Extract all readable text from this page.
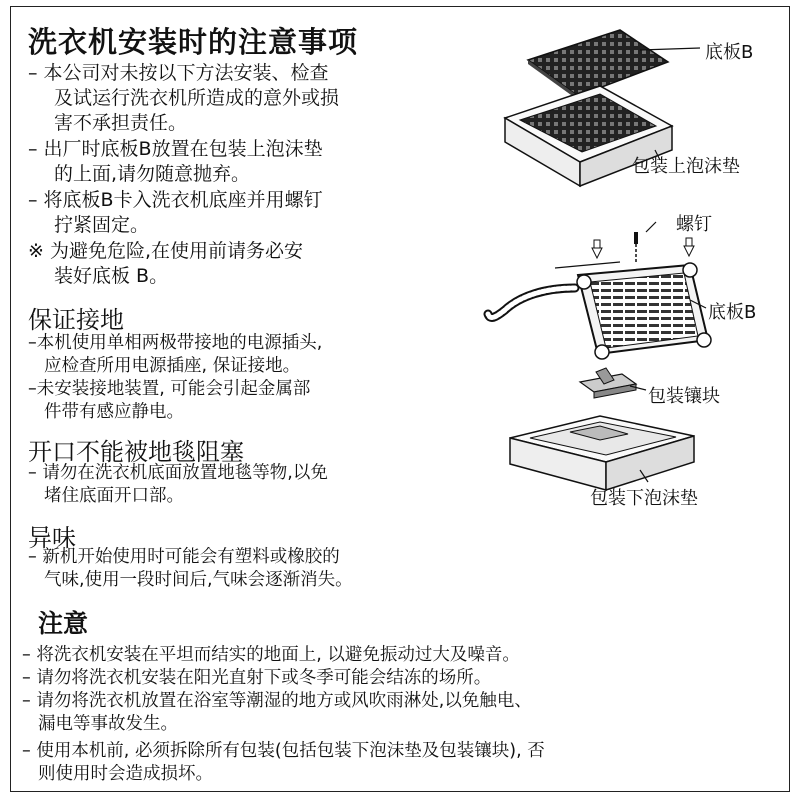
洗衣机安装时的注意事项
– 本公司对未按以下方法安装、检查
及试运行洗衣机所造成的意外或损
害不承担责任。
– 出厂时底板B放置在包装上泡沫垫
的上面,请勿随意抛弃。
– 将底板B卡入洗衣机底座并用螺钉
拧紧固定。
※ 为避免危险,在使用前请务必安
装好底板 B。
保证接地
–本机使用单相两极带接地的电源插头,
应检查所用电源插座, 保证接地。
–未安装接地装置, 可能会引起金属部
件带有感应静电。
开口不能被地毯阻塞
– 请勿在洗衣机底面放置地毯等物,以免
堵住底面开口部。
异味
– 新机开始使用时可能会有塑料或橡胶的
气味,使用一段时间后,气味会逐渐消失。
注意
– 将洗衣机安装在平坦而结实的地面上, 以避免振动过大及噪音。
– 请勿将洗衣机安装在阳光直射下或冬季可能会结冻的场所。
– 请勿将洗衣机放置在浴室等潮湿的地方或风吹雨淋处,以免触电、
漏电等事故发生。
– 使用本机前, 必须拆除所有包装(包括包装下泡沫垫及包装镶块), 否
则使用时会造成损坏。
底板B
包装上泡沫垫
螺钉
底板B
包装镶块
包装下泡沫垫
